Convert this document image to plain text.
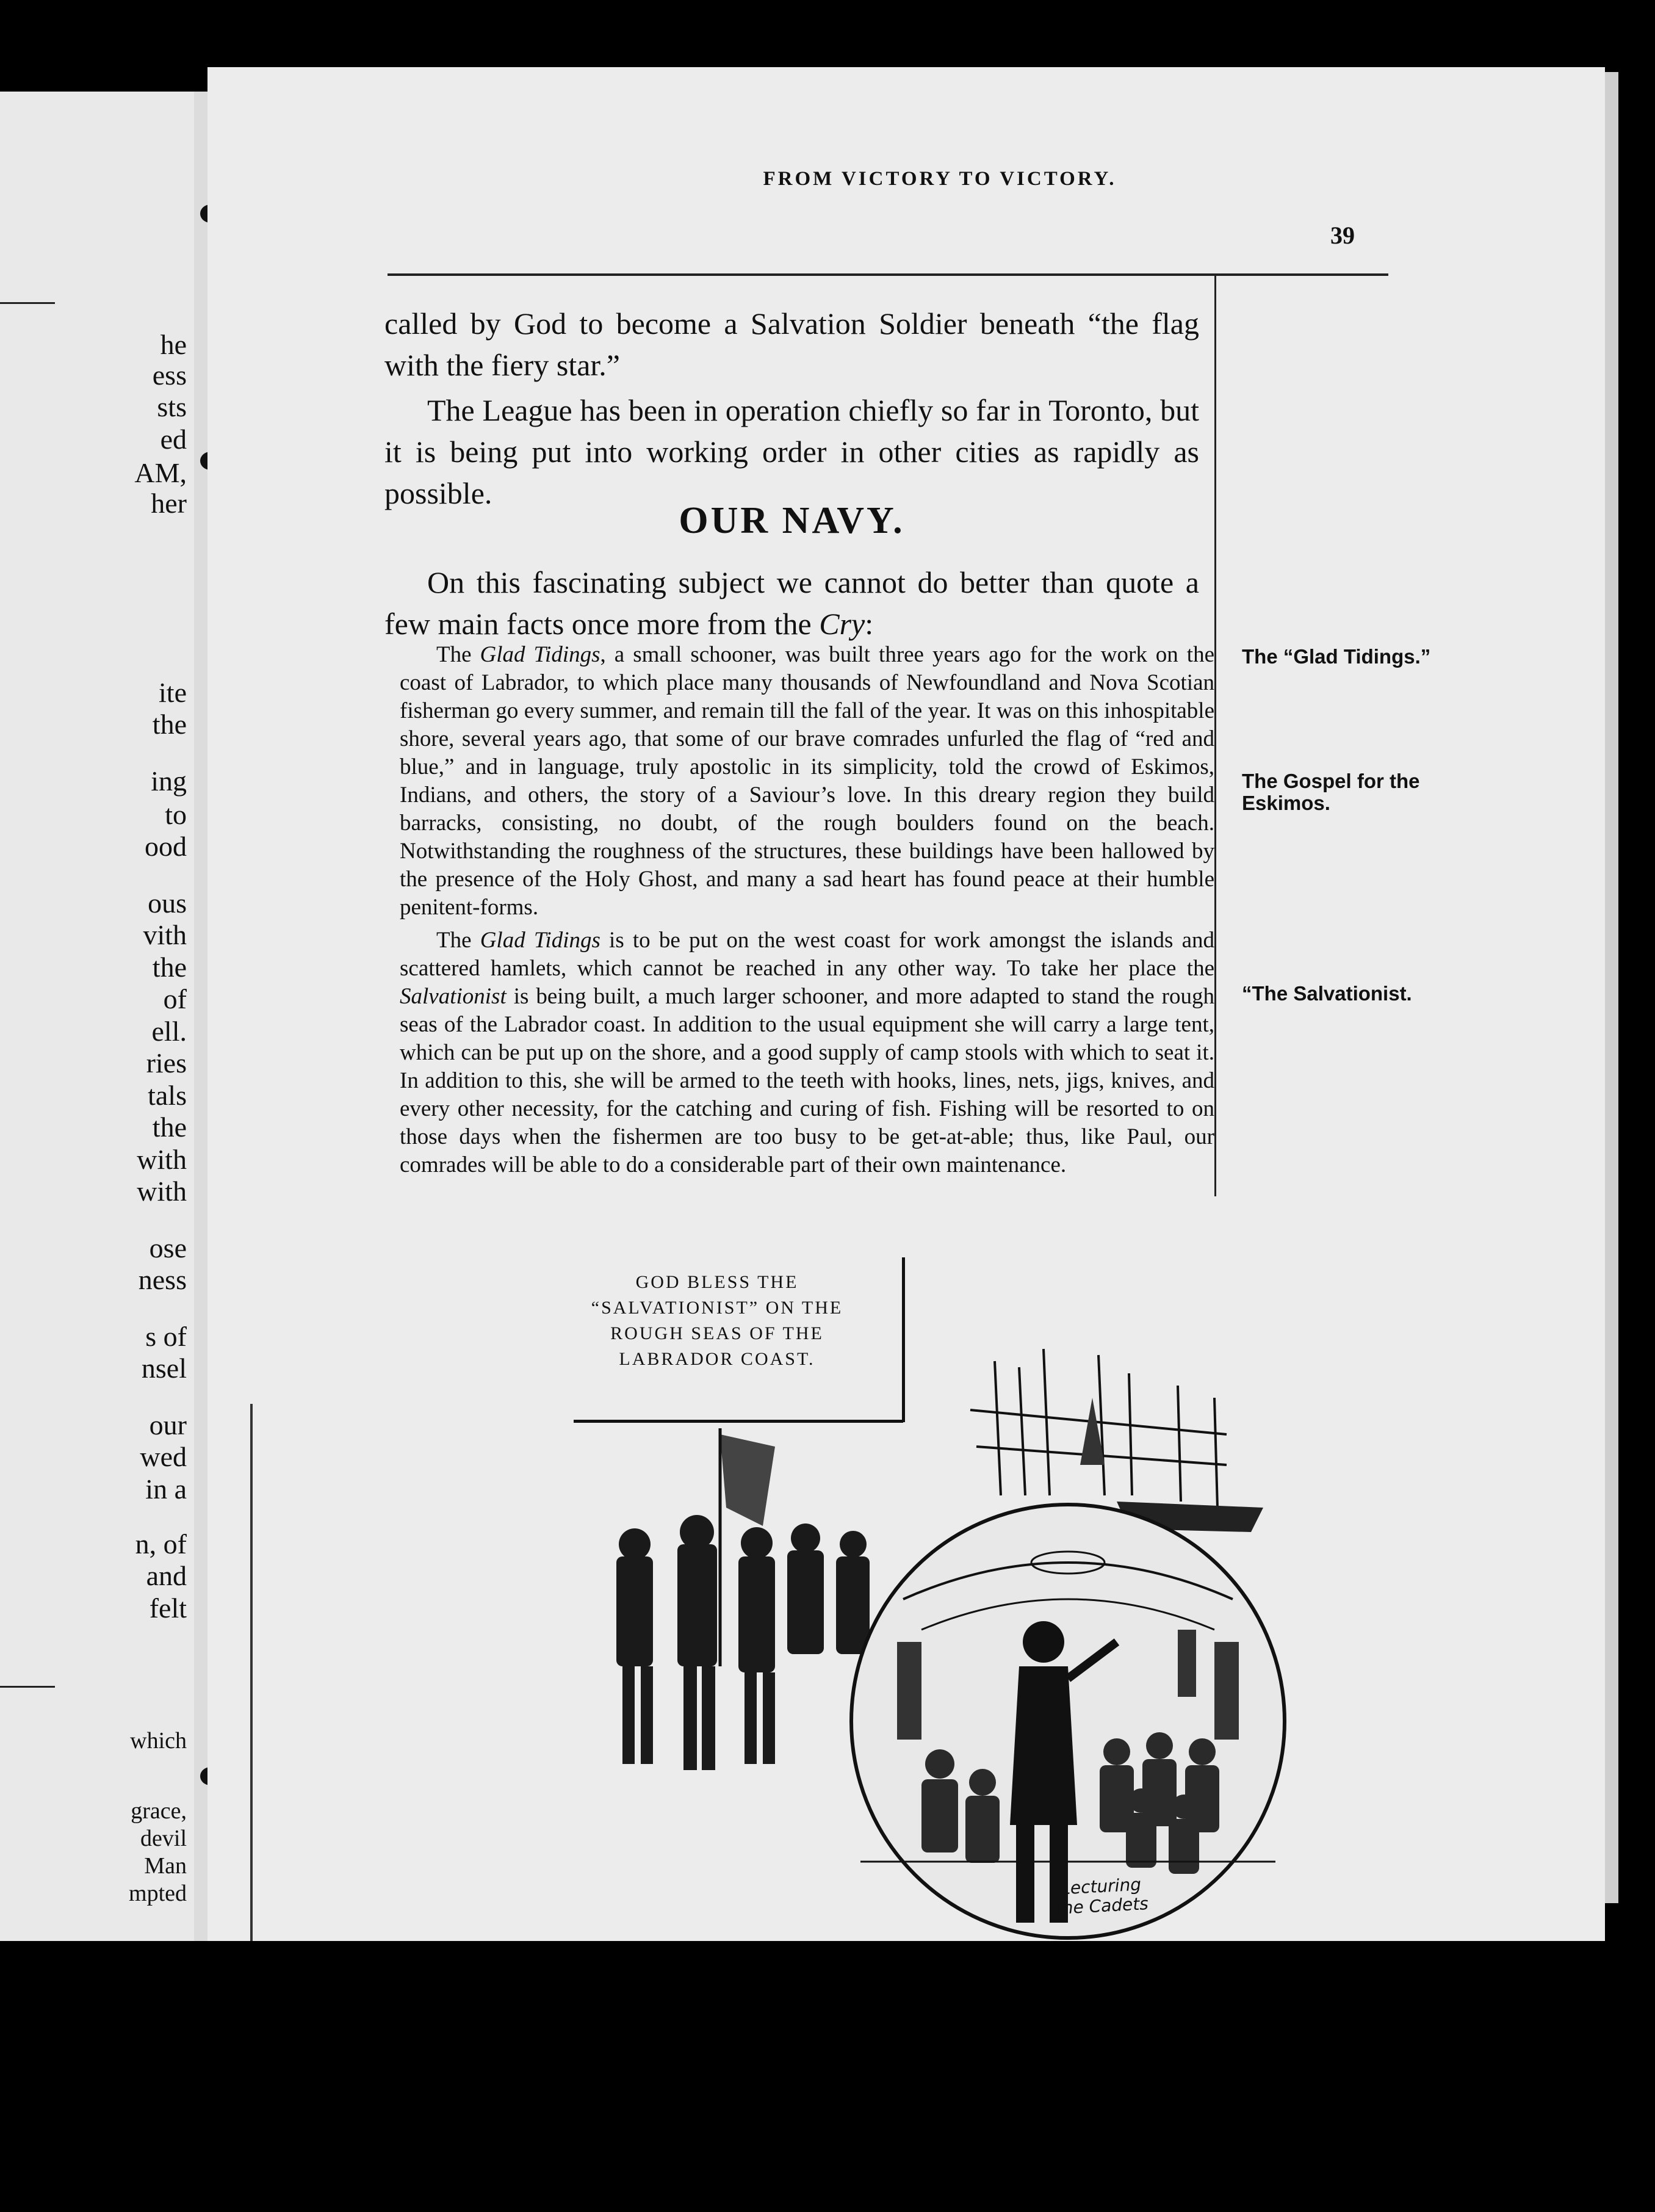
he
ess
sts
ed
AM,
her
ite
the
ing
to
ood
ous
vith
the
of
ell.
ries
tals
the
with
with
ose
ness
s of
nsel
our
wed
in a
n, of
and
felt
which
grace,
devil
Man
mpted
FROM VICTORY TO VICTORY.
39

called by God to become a Salvation Soldier beneath “the flag with the fiery star.”

The League has been in operation chiefly so far in Toronto, but it is being put into working order in other cities as rapidly as possible.

OUR NAVY.

On this fascinating subject we cannot do better than quote a few main facts once more from the Cry:

The Glad Tidings, a small schooner, was built three years ago for the work on the coast of Labrador, to which place many thousands of Newfoundland and Nova Scotian fisherman go every summer, and remain till the fall of the year. It was on this inhospitable shore, several years ago, that some of our brave comrades unfurled the flag of “red and blue,” and in language, truly apostolic in its simplicity, told the crowd of Eskimos, Indians, and others, the story of a Saviour’s love. In this dreary region they build barracks, consisting, no doubt, of the rough boulders found on the beach. Notwithstanding the roughness of the structures, these buildings have been hallowed by the presence of the Holy Ghost, and many a sad heart has found peace at their humble penitent-forms.

The Glad Tidings is to be put on the west coast for work amongst the islands and scattered hamlets, which cannot be reached in any other way. To take her place the Salvationist is being built, a much larger schooner, and more adapted to stand the rough seas of the Labrador coast. In addition to the usual equipment she will carry a large tent, which can be put up on the shore, and a good supply of camp stools with which to seat it. In addition to this, she will be armed to the teeth with hooks, lines, nets, jigs, knives, and every other necessity, for the catching and curing of fish. Fishing will be resorted to on those days when the fishermen are too busy to be get-at-able; thus, like Paul, our comrades will be able to do a considerable part of their own maintenance.

The “Glad Tidings.”
The Gospel for the Eskimos.
“The Salvationist.
GOD BLESS THE “SALVATIONIST” ON THE ROUGH SEAS OF THE LABRADOR COAST.
Lecturing the Cadets
